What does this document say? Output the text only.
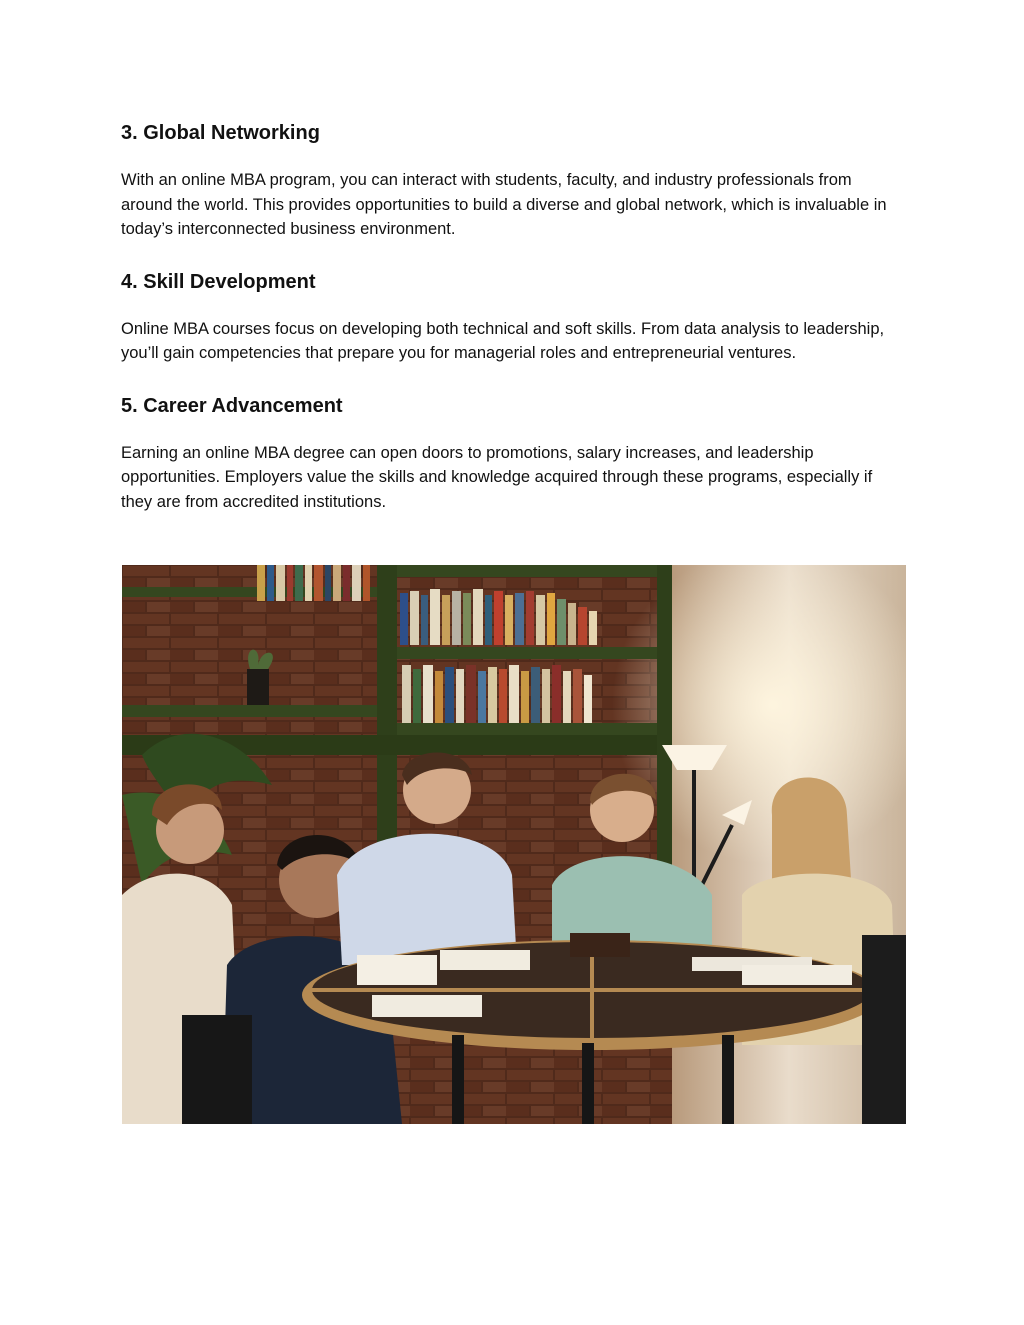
3. Global Networking

With an online MBA program, you can interact with students, faculty, and industry professionals from around the world. This provides opportunities to build a diverse and global network, which is invaluable in today’s interconnected business environment.

4. Skill Development

Online MBA courses focus on developing both technical and soft skills. From data analysis to leadership, you’ll gain competencies that prepare you for managerial roles and entrepreneurial ventures.

5. Career Advancement

Earning an online MBA degree can open doors to promotions, salary increases, and leadership opportunities. Employers value the skills and knowledge acquired through these programs, especially if they are from accredited institutions.
